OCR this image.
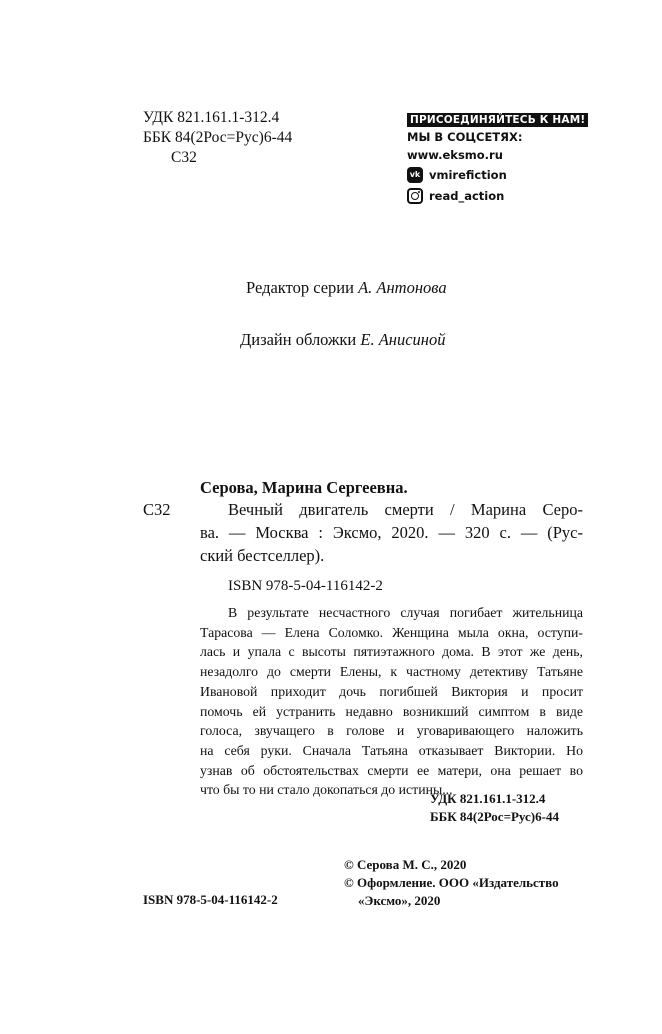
УДК 821.161.1-312.4
ББК 84(2Рос=Рус)6-44
С32
ПРИСОЕДИНЯЙТЕСЬ К НАМ!
МЫ В СОЦСЕТЯХ:
www.eksmo.ru
vk vmirefiction
read_action
Редактор серии А. Антонова
Дизайн обложки Е. Анисиной
Серова, Марина Сергеевна.
С32	Вечный двигатель смерти / Марина Серо-

ва. — Москва : Эксмо, 2020. — 320 с. — (Рус-

ский бестселлер).

ISBN 978-5-04-116142-2

В результате несчастного случая погибает жительница

Тарасова — Елена Соломко. Женщина мыла окна, оступи-

лась и упала с высоты пятиэтажного дома. В этот же день,

незадолго до смерти Елены, к частному детективу Татьяне

Ивановой приходит дочь погибшей Виктория и просит

помочь ей устранить недавно возникший симптом в виде

голоса, звучащего в голове и уговаривающего наложить

на себя руки. Сначала Татьяна отказывает Виктории. Но

узнав об обстоятельствах смерти ее матери, она решает во

что бы то ни стало докопаться до истины...

УДК 821.161.1-312.4
ББК 84(2Рос=Рус)6-44
© Серова М. С., 2020
© Оформление. ООО «Издательство
«Эксмо», 2020
ISBN 978-5-04-116142-2
